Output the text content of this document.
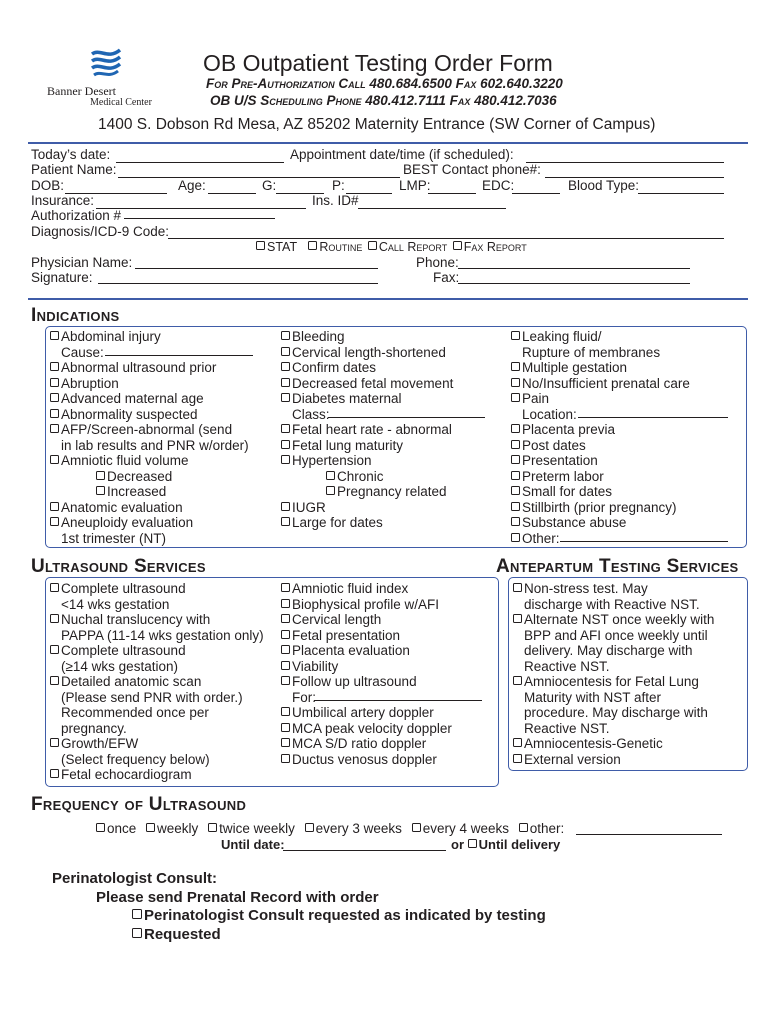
Banner Desert
Medical Center
OB Outpatient Testing Order Form
For Pre-Authorization Call 480.684.6500 Fax 602.640.3220
OB U/S Scheduling Phone 480.412.7111 Fax 480.412.7036
1400 S. Dobson Rd Mesa, AZ 85202 Maternity Entrance (SW Corner of Campus)
Today’s date:	Appointment date/time (if scheduled):
Patient Name:	BEST Contact phone#:
DOB:	Age:	G:	P:	LMP:	EDC:	Blood Type:
Insurance:	Ins. ID#
Authorization #
Diagnosis/ICD-9 Code:
STAT Routine Call Report Fax Report
Physician Name:	Phone:
Signature:	Fax:
Indications
Abdominal injury
Cause:
Abnormal ultrasound prior
Abruption
Advanced maternal age
Abnormality suspected
AFP/Screen-abnormal (send
in lab results and PNR w/order)
Amniotic fluid volume
Decreased
Increased
Anatomic evaluation
Aneuploidy evaluation
1st trimester (NT)
Bleeding
Cervical length-shortened
Confirm dates
Decreased fetal movement
Diabetes maternal
Class:
Fetal heart rate - abnormal
Fetal lung maturity
Hypertension
Chronic
Pregnancy related
IUGR
Large for dates
Leaking fluid/
Rupture of membranes
Multiple gestation
No/Insufficient prenatal care
Pain
Location:
Placenta previa
Post dates
Presentation
Preterm labor
Small for dates
Stillbirth (prior pregnancy)
Substance abuse
Other:
Ultrasound Services
Complete ultrasound
<14 wks gestation
Nuchal translucency with
PAPPA (11-14 wks gestation only)
Complete ultrasound
(≥14 wks gestation)
Detailed anatomic scan
(Please send PNR with order.)
Recommended once per
pregnancy.
Growth/EFW
(Select frequency below)
Fetal echocardiogram
Amniotic fluid index
Biophysical profile w/AFI
Cervical length
Fetal presentation
Placenta evaluation
Viability
Follow up ultrasound
For:
Umbilical artery doppler
MCA peak velocity doppler
MCA S/D ratio doppler
Ductus venosus doppler
Antepartum Testing Services
Non-stress test. May
discharge with Reactive NST.
Alternate NST once weekly with
BPP and AFI once weekly until
delivery. May discharge with
Reactive NST.
Amniocentesis for Fetal Lung
Maturity with NST after
procedure. May discharge with
Reactive NST.
Amniocentesis-Genetic
External version
Frequency of Ultrasound
once weekly twice weekly every 3 weeks every 4 weeks other:
Until date:	or Until delivery
Perinatologist Consult:
Please send Prenatal Record with order
Perinatologist Consult requested as indicated by testing
Requested
